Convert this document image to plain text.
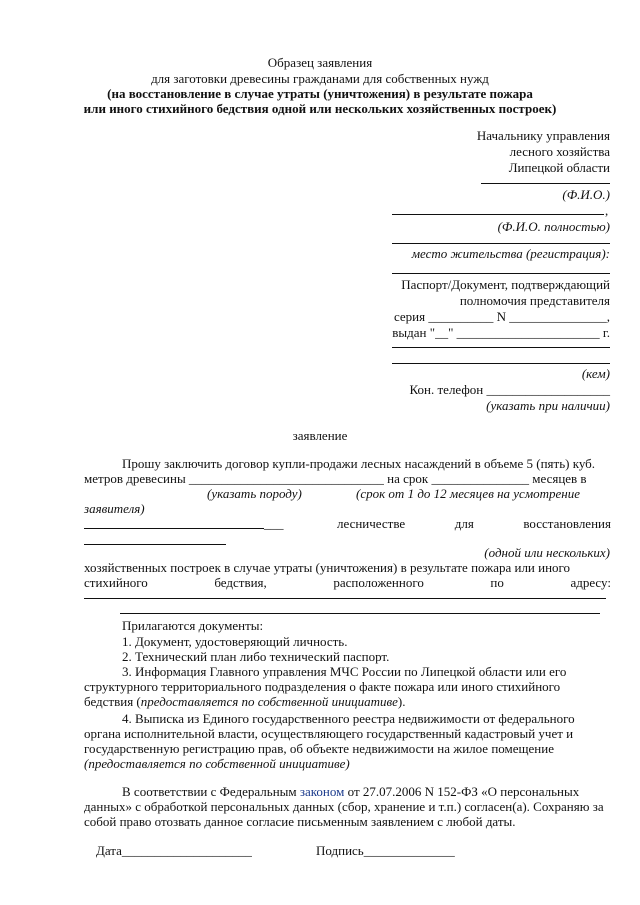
Образец заявления
для заготовки древесины гражданами для собственных нужд
(на восстановление в случае утраты (уничтожения) в результате пожара
или иного стихийного бедствия одной или нескольких хозяйственных построек)
Начальнику управления
лесного хозяйства
Липецкой области
(Ф.И.О.)
,
(Ф.И.О. полностью)
место жительства (регистрация):
Паспорт/Документ, подтверждающий
полномочия представителя
серия __________ N _______________,
выдан "__" ______________________ г.
(кем)
Кон. телефон ___________________
(указать при наличии)
заявление
Прошу заключить договор купли-продажи лесных насаждений в объеме 5 (пять) куб.
метров древесины ______________________________ на срок _______________ месяцев в
(указать породу)	(срок от 1 до 12 месяцев на усмотрение
заявителя)
___	лесничестве	для	восстановления
(одной или нескольких)
хозяйственных построек в случае утраты (уничтожения) в результате пожара или иного
стихийного	бедствия,	расположенного	по	адресу:
Прилагаются документы:
1. Документ, удостоверяющий личность.
2. Технический план либо технический паспорт.
3. Информация Главного управления МЧС России по Липецкой области или его
структурного территориального подразделения о факте пожара или иного стихийного
бедствия (предоставляется по собственной инициативе).
4. Выписка из Единого государственного реестра недвижимости от федерального
органа исполнительной власти, осуществляющего государственный кадастровый учет и
государственную регистрацию прав, об объекте недвижимости на жилое помещение
(предоставляется по собственной инициативе)
В соответствии с Федеральным законом от 27.07.2006 N 152-ФЗ «О персональных
данных» с обработкой персональных данных (сбор, хранение и т.п.) согласен(а). Сохраняю за
собой право отозвать данное согласие письменным заявлением с любой даты.
Дата____________________	Подпись______________
